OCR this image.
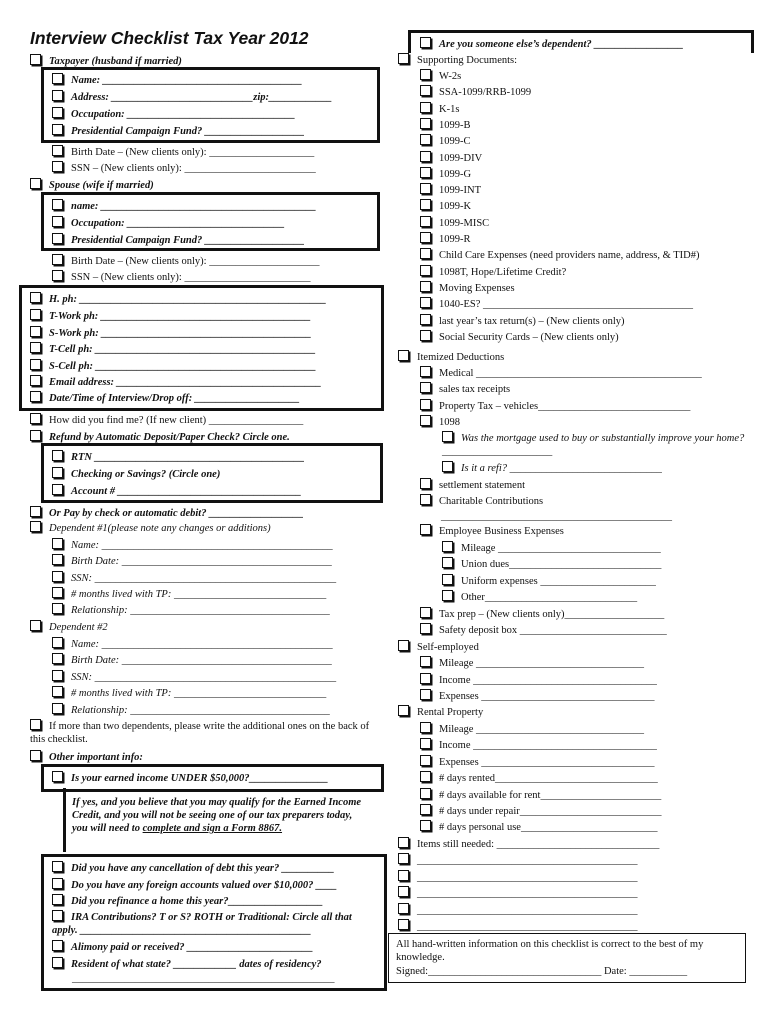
Interview Checklist Tax Year 2012
Taxpayer (husband if married)
Name: ______________________________________
Address: ___________________________zip:____________
Occupation: ________________________________
Presidential Campaign Fund? ___________________
Birth Date – (New clients only): ____________________
SSN – (New clients only): _________________________
Spouse (wife if married)
name: _________________________________________
Occupation: ______________________________
Presidential Campaign Fund? ___________________
Birth Date – (New clients only): _____________________
SSN – (New clients only): ________________________
H. ph: _______________________________________________
T-Work ph: ________________________________________
S-Work ph: ________________________________________
T-Cell ph: __________________________________________
S-Cell ph: __________________________________________
Email address: _______________________________________
Date/Time of Interview/Drop off: ____________________
How did you find me? (If new client) __________________
Refund by Automatic Deposit/Paper Check? Circle one.
RTN ________________________________________
Checking or Savings? (Circle one)
Account # ___________________________________
Or Pay by check or automatic debit? __________________
Dependent #1(please note any changes or additions)
Name: ____________________________________________
Birth Date: ________________________________________
SSN: ______________________________________________
# months lived with TP: _____________________________
Relationship: ______________________________________
Dependent #2
Name: ____________________________________________
Birth Date: ________________________________________
SSN: ______________________________________________
# months lived with TP: _____________________________
Relationship: ______________________________________
If more than two dependents, please write the additional ones on the back of this checklist.
Other important info:
Is your earned income UNDER $50,000?_______________
If yes, and you believe that you may qualify for the Earned Income Credit, and you will not be seeing one of our tax preparers today, you will need to complete and sign a Form 8867.
Did you have any cancellation of debt this year? __________
Do you have any foreign accounts valued over $10,000? ____
Did you refinance a home this year?__________________
IRA Contributions? T or S? ROTH or Traditional: Circle all that apply. ____________________________________________
Alimony paid or received? ________________________
Resident of what state? ____________ dates of residency?
__________________________________________________
Are you someone else’s dependent? _________________
Supporting Documents:
W-2s
SSA-1099/RRB-1099
K-1s
1099-B
1099-C
1099-DIV
1099-G
1099-INT
1099-K
1099-MISC
1099-R
Child Care Expenses (need providers name, address, & TID#)
1098T, Hope/Lifetime Credit?
Moving Expenses
1040-ES? ________________________________________
last year’s tax return(s) – (New clients only)
Social Security Cards – (New clients only)
Itemized Deductions
Medical ___________________________________________
sales tax receipts
Property Tax – vehicles_____________________________
1098
Was the mortgage used to buy or substantially improve your home? _____________________
Is it a refi? _____________________________
settlement statement
Charitable Contributions
____________________________________________
Employee Business Expenses
Mileage _______________________________
Union dues_____________________________
Uniform expenses ______________________
Other_____________________________
Tax prep – (New clients only)___________________
Safety deposit box ____________________________
Self-employed
Mileage ________________________________
Income ___________________________________
Expenses _________________________________
Rental Property
Mileage ________________________________
Income ___________________________________
Expenses _________________________________
# days rented_______________________________
# days available for rent_______________________
# days under repair___________________________
# days personal use__________________________
Items still needed: _______________________________
__________________________________________
__________________________________________
__________________________________________
__________________________________________
__________________________________________
All hand-written information on this checklist is correct to the best of my knowledge.
Signed:_________________________________ Date: ___________
